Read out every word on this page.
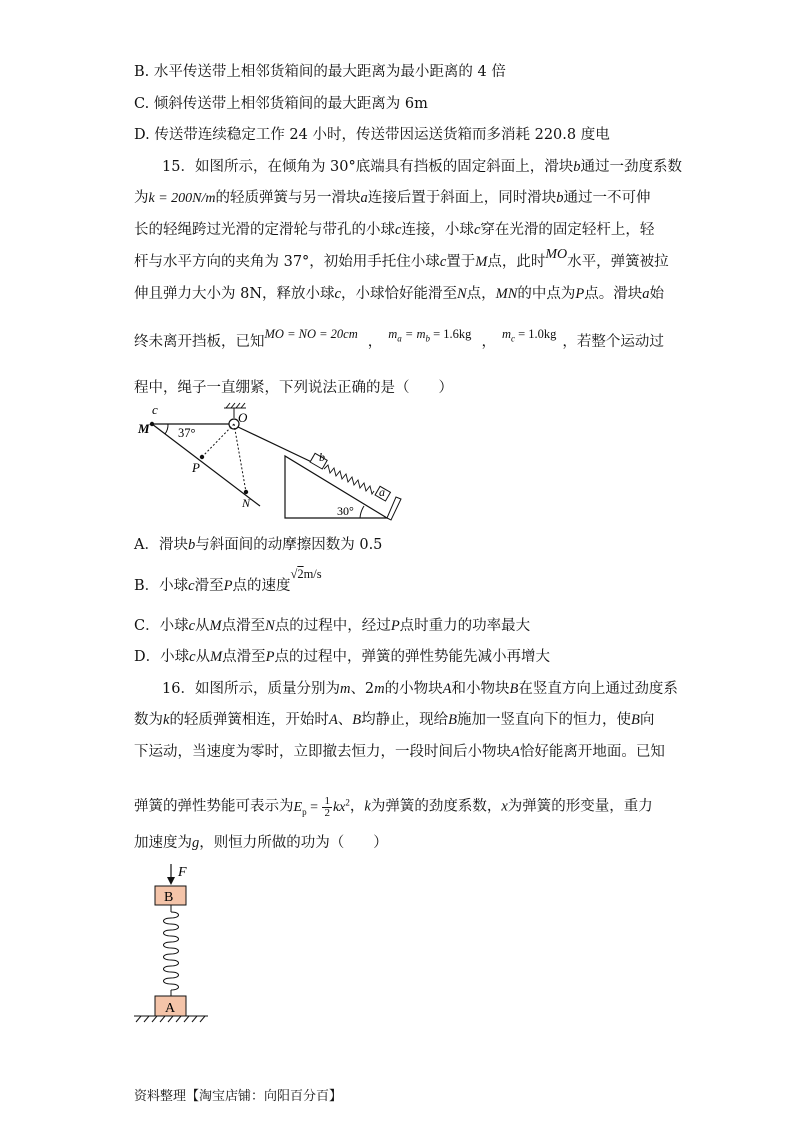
B. 水平传送带上相邻货箱间的最大距离为最小距离的 4 倍
C. 倾斜传送带上相邻货箱间的最大距离为 6m
D. 传送带连续稳定工作 24 小时，传送带因运送货箱而多消耗 220.8 度电
15．如图所示，在倾角为 30°底端具有挡板的固定斜面上，滑块b通过一劲度系数
为k = 200N/m的轻质弹簧与另一滑块a连接后置于斜面上，同时滑块b通过一不可伸
长的轻绳跨过光滑的定滑轮与带孔的小球c连接，小球c穿在光滑的固定轻杆上，轻
杆与水平方向的夹角为 37°，初始用手托住小球c置于M点，此时MO水平，弹簧被拉
伸且弹力大小为 8N，释放小球c，小球恰好能滑至N点，MN的中点为P点。滑块a始
终未离开挡板，已知MO = NO = 20cm ， $m_a = m_b = 1.6kg$ ， $m_c = 1.0kg$ ，若整个运动过
程中，绳子一直绷紧，下列说法正确的是（　　）
c
M 37°
O
P
N
b
a
30°
A．滑块b与斜面间的动摩擦因数为 0.5
B．小球c滑至P点的速度√2m/s
C．小球c从M点滑至N点的过程中，经过P点时重力的功率最大
D．小球c从M点滑至P点的过程中，弹簧的弹性势能先减小再增大
16．如图所示，质量分别为m、2m的小物块A和小物块B在竖直方向上通过劲度系
数为k的轻质弹簧相连，开始时A、B均静止，现给B施加一竖直向下的恒力，使B向
下运动，当速度为零时，立即撤去恒力，一段时间后小物块A恰好能离开地面。已知
弹簧的弹性势能可表示为$E_p = \frac{1}{2} kx^2$，k为弹簧的劲度系数，x为弹簧的形变量，重力
加速度为g，则恒力所做的功为（　　）
F
B
A
资料整理【淘宝店铺：向阳百分百】
